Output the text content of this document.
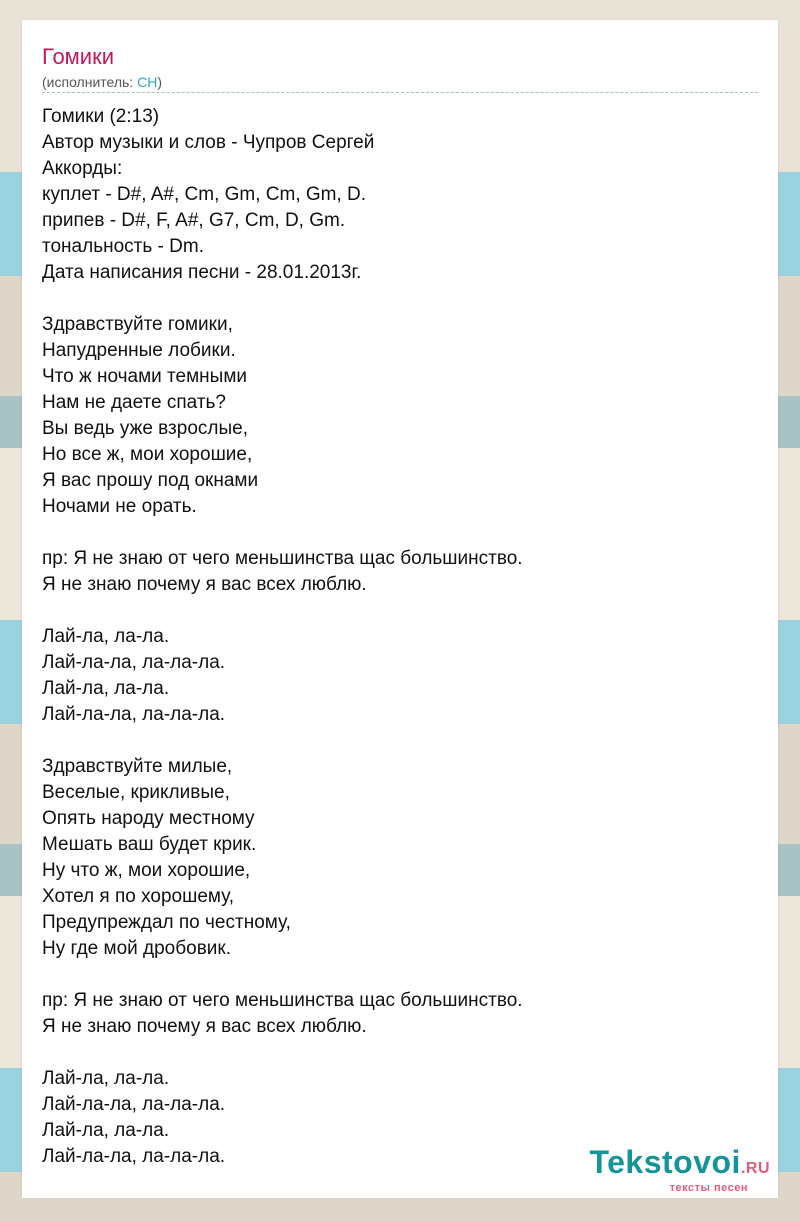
Гомики
(исполнитель: СН)
Гомики (2:13)
Автор музыки и слов - Чупров Сергей
Аккорды:
куплет - D#, A#, Cm, Gm, Cm, Gm, D.
припев - D#, F, A#, G7, Cm, D, Gm.
тональность - Dm.
Дата написания песни - 28.01.2013г.

Здравствуйте гомики,
Напудренные лобики.
Что ж ночами темными
Нам не даете спать?
Вы ведь уже взрослые,
Но все ж, мои хорошие,
Я вас прошу под окнами
Ночами не орать.

пр: Я не знаю от чего меньшинства щас большинство.
Я не знаю почему я вас всех люблю.

Лай-ла, ла-ла.
Лай-ла-ла, ла-ла-ла.
Лай-ла, ла-ла.
Лай-ла-ла, ла-ла-ла.

Здравствуйте милые,
Веселые, крикливые,
Опять народу местному
Мешать ваш будет крик.
Ну что ж, мои хорошие,
Хотел я по хорошему,
Предупреждал по честному,
Ну где мой дробовик.

пр: Я не знаю от чего меньшинства щас большинство.
Я не знаю почему я вас всех люблю.

Лай-ла, ла-ла.
Лай-ла-ла, ла-ла-ла.
Лай-ла, ла-ла.
Лай-ла-ла, ла-ла-ла.	Tekstovoi.RU
тексты песен
